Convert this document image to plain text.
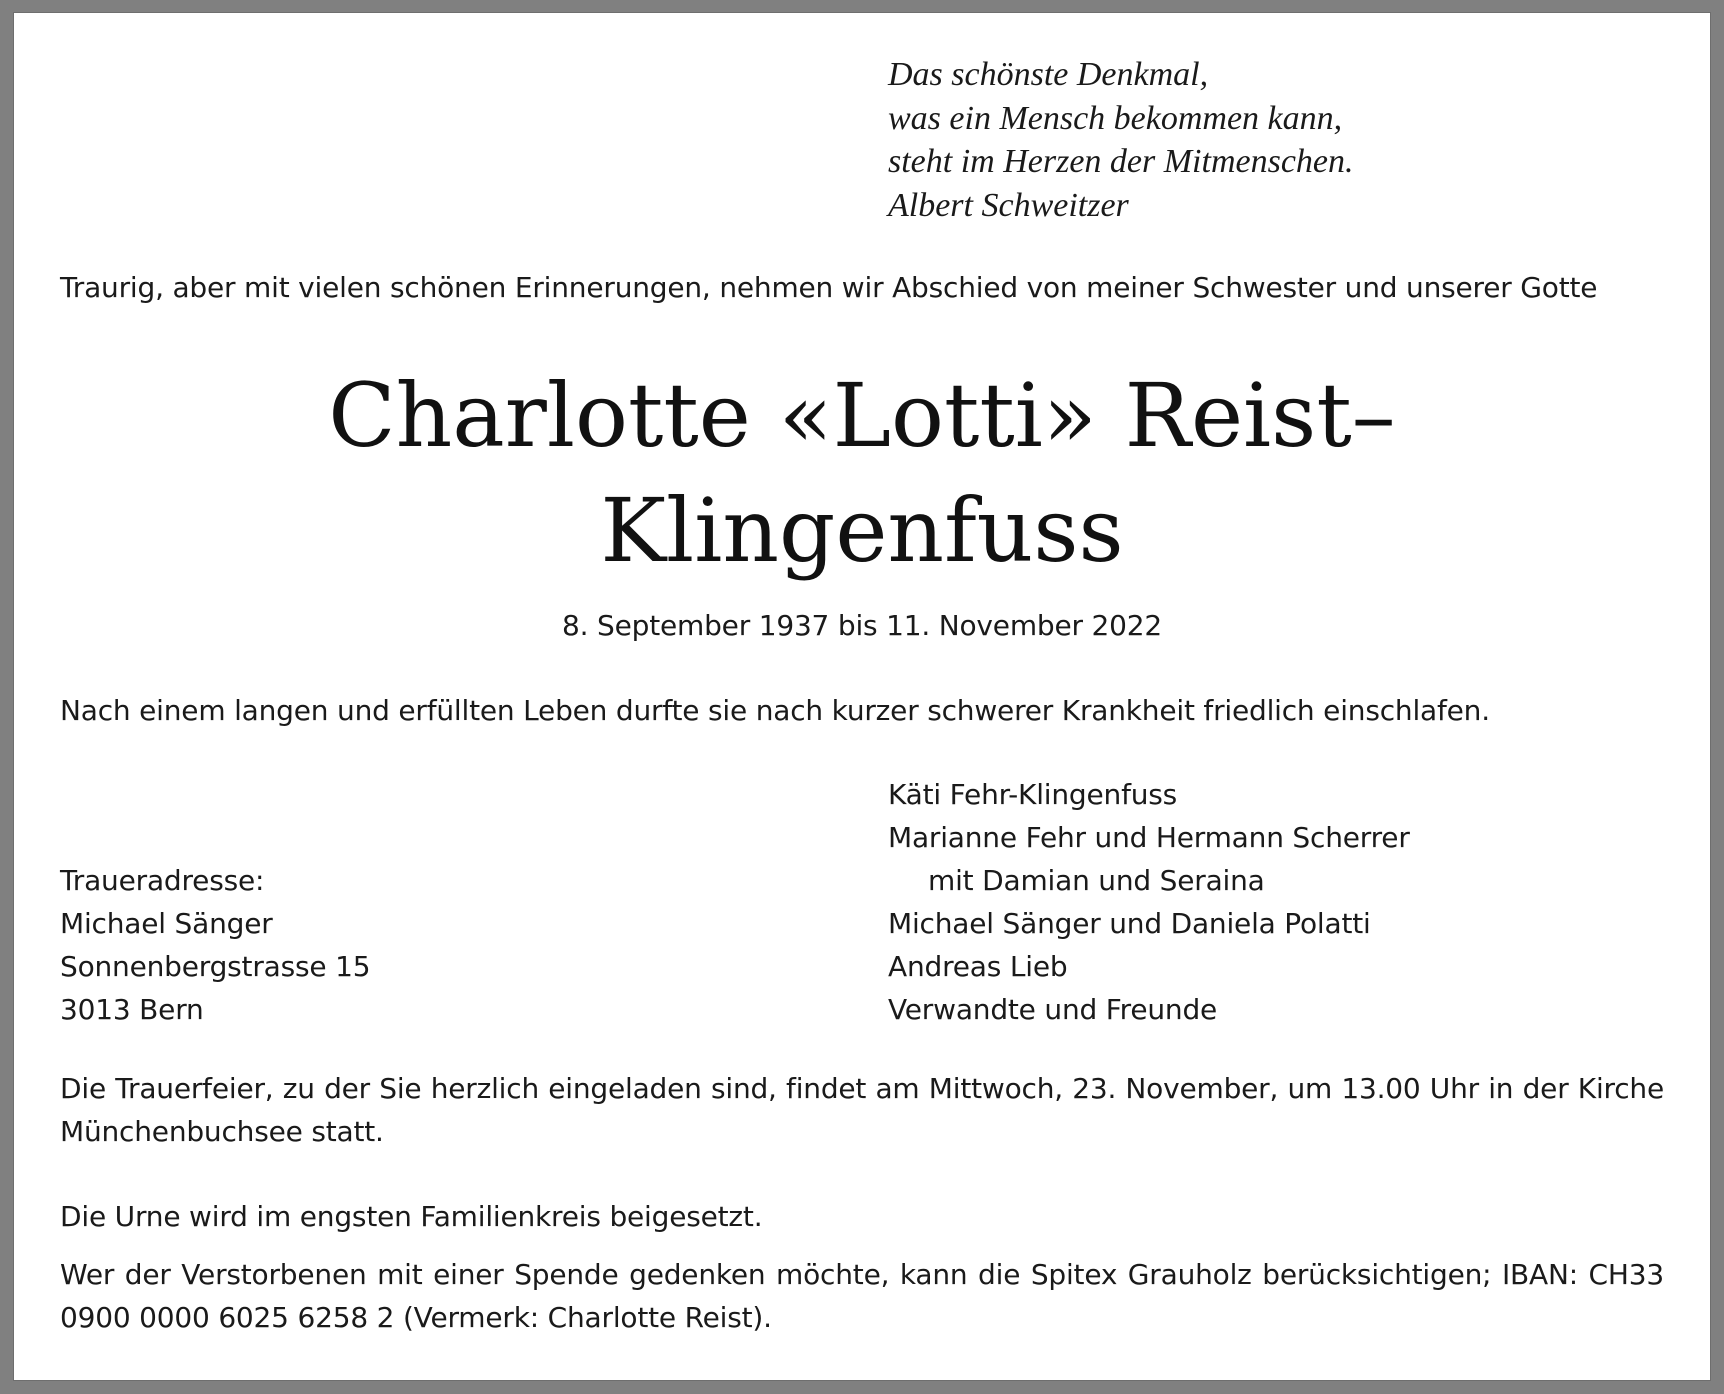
Das schönste Denkmal,
was ein Mensch bekommen kann,
steht im Herzen der Mitmenschen.
Albert Schweitzer
Traurig, aber mit vielen schönen Erinnerungen, nehmen wir Abschied von meiner Schwester und unserer Gotte
Charlotte «Lotti» Reist–
Klingenfuss
8. September 1937 bis 11. November 2022
Nach einem langen und erfüllten Leben durfte sie nach kurzer schwerer Krankheit friedlich einschlafen.
Käti Fehr-Klingenfuss
Marianne Fehr und Hermann Scherrer
mit Damian und Seraina
Michael Sänger und Daniela Polatti
Andreas Lieb
Verwandte und Freunde
Traueradresse:
Michael Sänger
Sonnenbergstrasse 15
3013 Bern
Die Trauerfeier, zu der Sie herzlich eingeladen sind, findet am Mittwoch, 23. November, um 13.00 Uhr in der Kirche Münchenbuchsee statt.
Die Urne wird im engsten Familienkreis beigesetzt.
Wer der Verstorbenen mit einer Spende gedenken möchte, kann die Spitex Grauholz berücksichtigen; IBAN: CH33 0900 0000 6025 6258 2 (Vermerk: Charlotte Reist).
